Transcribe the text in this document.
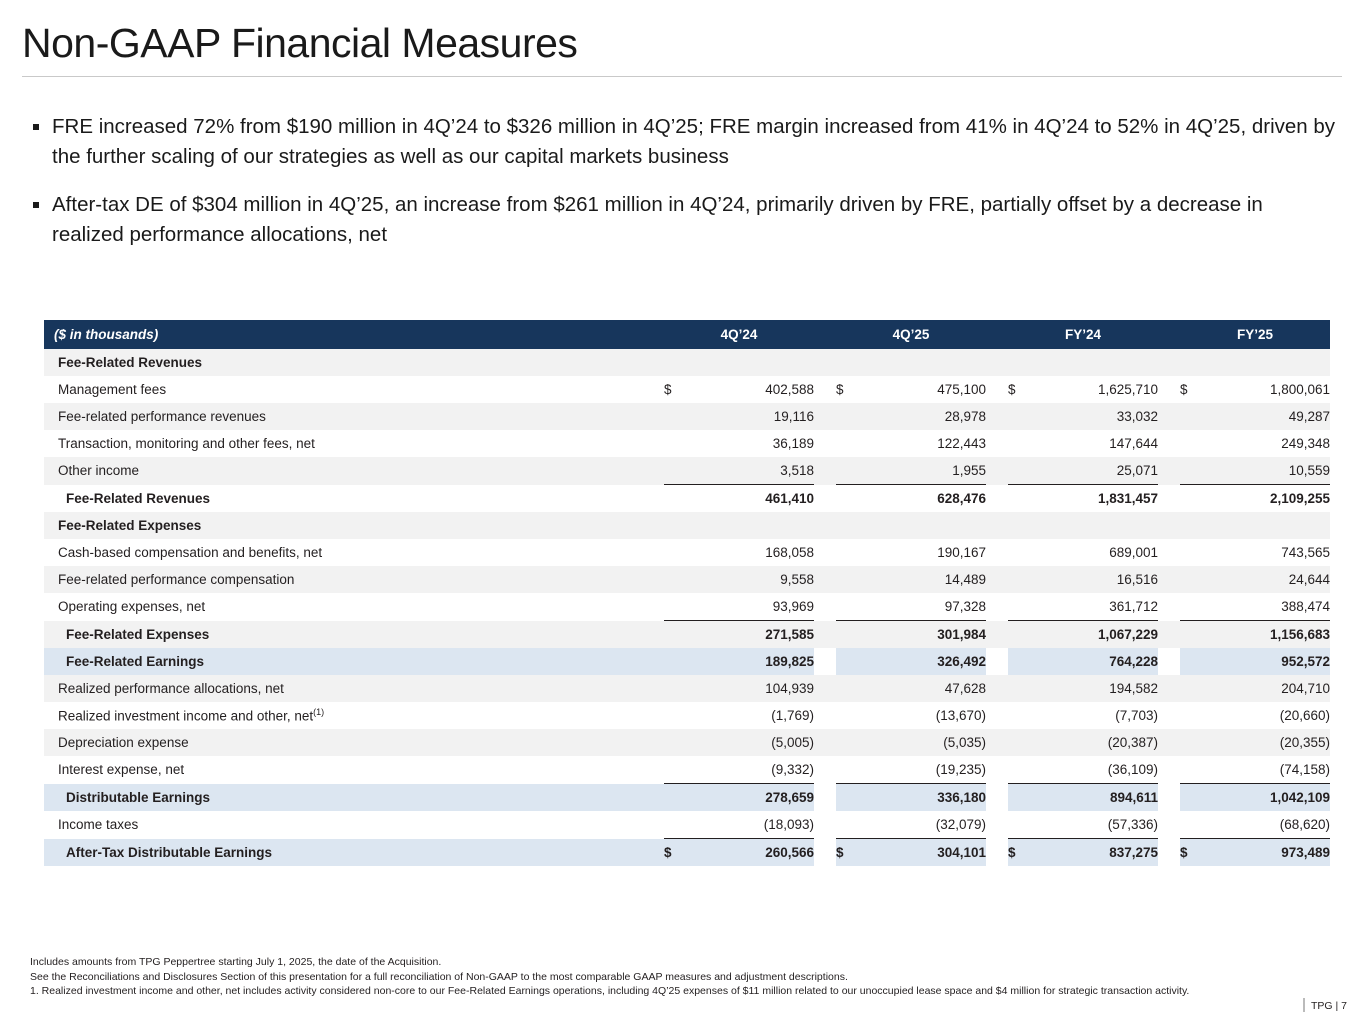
Non-GAAP Financial Measures
FRE increased 72% from $190 million in 4Q’24 to $326 million in 4Q’25; FRE margin increased from 41% in 4Q’24 to 52% in 4Q’25, driven by the further scaling of our strategies as well as our capital markets business
After-tax DE of $304 million in 4Q’25, an increase from $261 million in 4Q’24, primarily driven by FRE, partially offset by a decrease in realized performance allocations, net
($ in thousands)	4Q’24			4Q’25			FY’24			FY’25	
Fee-Related Revenues											
Management fees	$	402,588		$	475,100		$	1,625,710		$	1,800,061
Fee-related performance revenues		19,116			28,978			33,032			49,287
Transaction, monitoring and other fees, net		36,189			122,443			147,644			249,348
Other income		3,518			1,955			25,071			10,559
Fee-Related Revenues		461,410			628,476			1,831,457			2,109,255
Fee-Related Expenses											
Cash-based compensation and benefits, net		168,058			190,167			689,001			743,565
Fee-related performance compensation		9,558			14,489			16,516			24,644
Operating expenses, net		93,969			97,328			361,712			388,474
Fee-Related Expenses		271,585			301,984			1,067,229			1,156,683
Fee-Related Earnings		189,825			326,492			764,228			952,572
Realized performance allocations, net		104,939			47,628			194,582			204,710
Realized investment income and other, net$^{(1)}$		(1,769)			(13,670)			(7,703)			(20,660)
Depreciation expense		(5,005)			(5,035)			(20,387)			(20,355)
Interest expense, net		(9,332)			(19,235)			(36,109)			(74,158)
Distributable Earnings		278,659			336,180			894,611			1,042,109
Income taxes		(18,093)			(32,079)			(57,336)			(68,620)
After-Tax Distributable Earnings	$	260,566		$	304,101		$	837,275		$	973,489
Includes amounts from TPG Peppertree starting July 1, 2025, the date of the Acquisition.
See the Reconciliations and Disclosures Section of this presentation for a full reconciliation of Non-GAAP to the most comparable GAAP measures and adjustment descriptions.
1. Realized investment income and other, net includes activity considered non-core to our Fee-Related Earnings operations, including 4Q’25 expenses of $11 million related to our unoccupied lease space and $4 million for strategic transaction activity.
TPG | 7
